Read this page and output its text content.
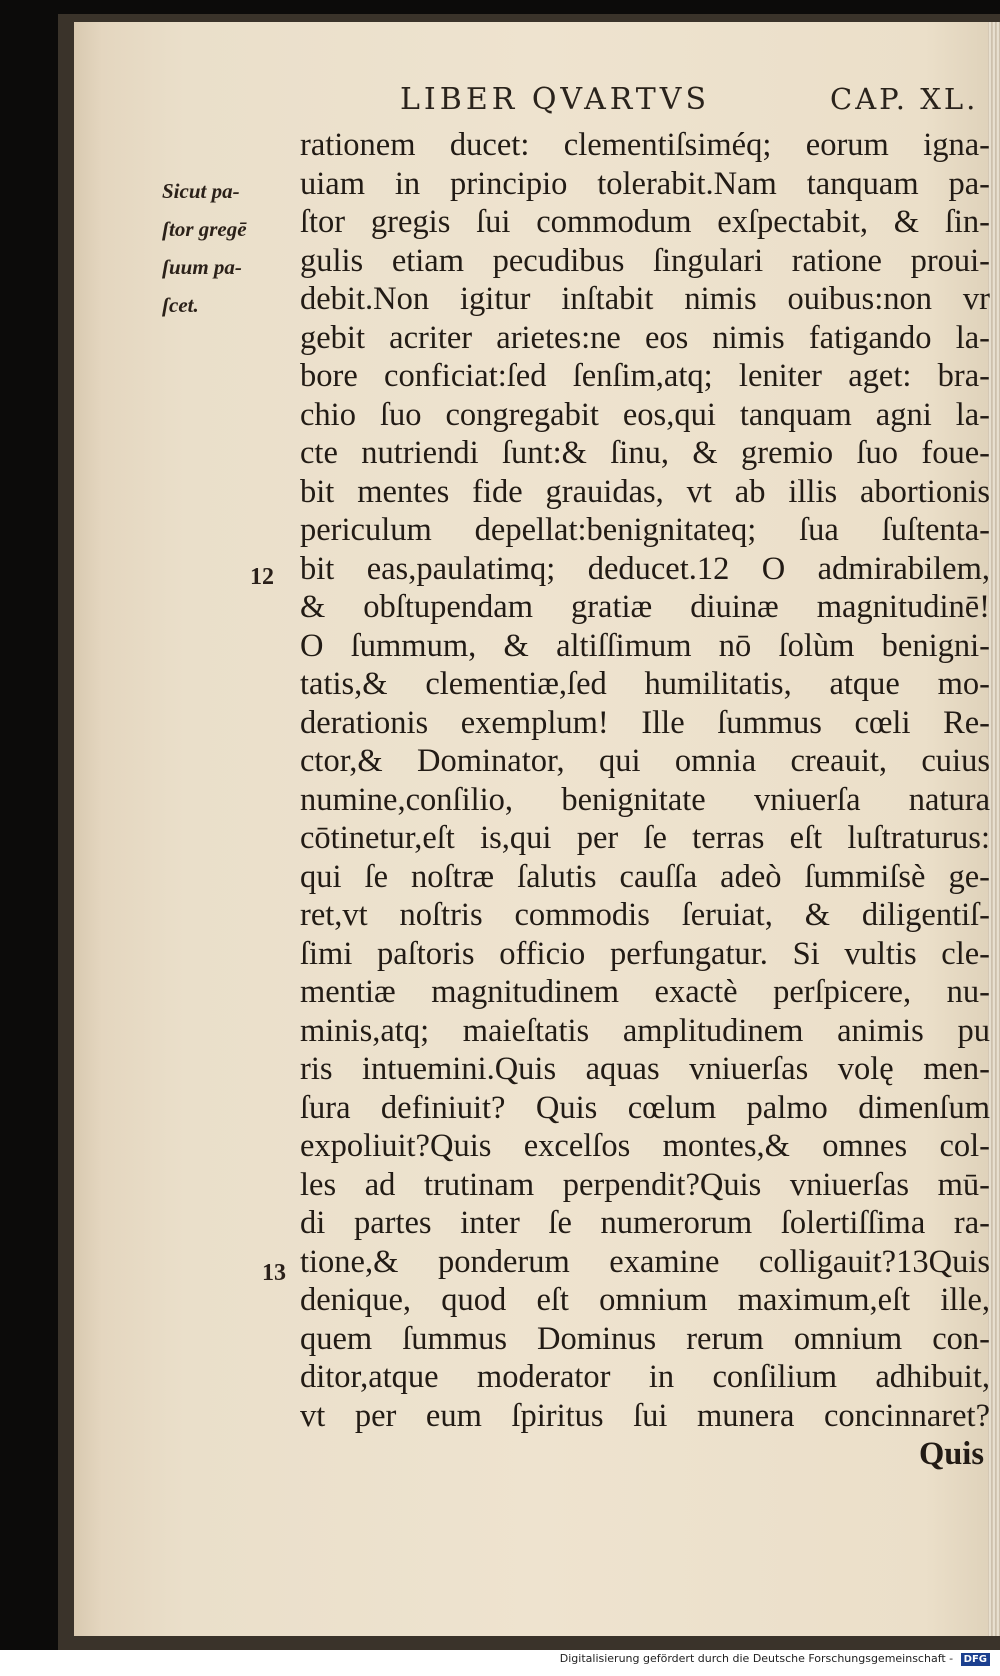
LIBER QVARTVS	CAP. XL.
Sicut pa-
ſtor gregē
ſuum pa-
ſcet.
12
13
rationem ducet: clementiſsiméq; eorum igna-
uiam in principio tolerabit.Nam tanquam pa-
ſtor gregis ſui commodum exſpectabit, & ſin-
gulis etiam pecudibus ſingulari ratione proui-
debit.Non igitur inſtabit nimis ouibus:non vr
gebit acriter arietes:ne eos nimis fatigando la-
bore conficiat:ſed ſenſim,atq; leniter aget: bra-
chio ſuo congregabit eos,qui tanquam agni la-
cte nutriendi ſunt:& ſinu, & gremio ſuo foue-
bit mentes fide grauidas, vt ab illis abortionis
periculum depellat:benignitateq; ſua ſuſtenta-
bit eas,paulatimq; deducet.12 O admirabilem,
& obſtupendam gratiæ diuinæ magnitudinē!
O ſummum, & altiſſimum nō ſolùm benigni-
tatis,& clementiæ,ſed humilitatis, atque mo-
derationis exemplum! Ille ſummus cœli Re-
ctor,& Dominator, qui omnia creauit, cuius
numine,conſilio, benignitate vniuerſa natura
cōtinetur,eſt is,qui per ſe terras eſt luſtraturus:
qui ſe noſtræ ſalutis cauſſa adeò ſummiſsè ge-
ret,vt noſtris commodis ſeruiat, & diligentiſ-
ſimi paſtoris officio perfungatur. Si vultis cle-
mentiæ magnitudinem exactè perſpicere, nu-
minis,atq; maieſtatis amplitudinem animis pu
ris intuemini.Quis aquas vniuerſas volę men-
ſura definiuit? Quis cœlum palmo dimenſum
expoliuit?Quis excelſos montes,& omnes col-
les ad trutinam perpendit?Quis vniuerſas mū-
di partes inter ſe numerorum ſolertiſſima ra-
tione,& ponderum examine colligauit?13Quis
denique, quod eſt omnium maximum,eſt ille,
quem ſummus Dominus rerum omnium con-
ditor,atque moderator in conſilium adhibuit,
vt per eum ſpiritus ſui munera concinnaret?
Quis
Digitalisierung gefördert durch die Deutsche Forschungsgemeinschaft - DFG
